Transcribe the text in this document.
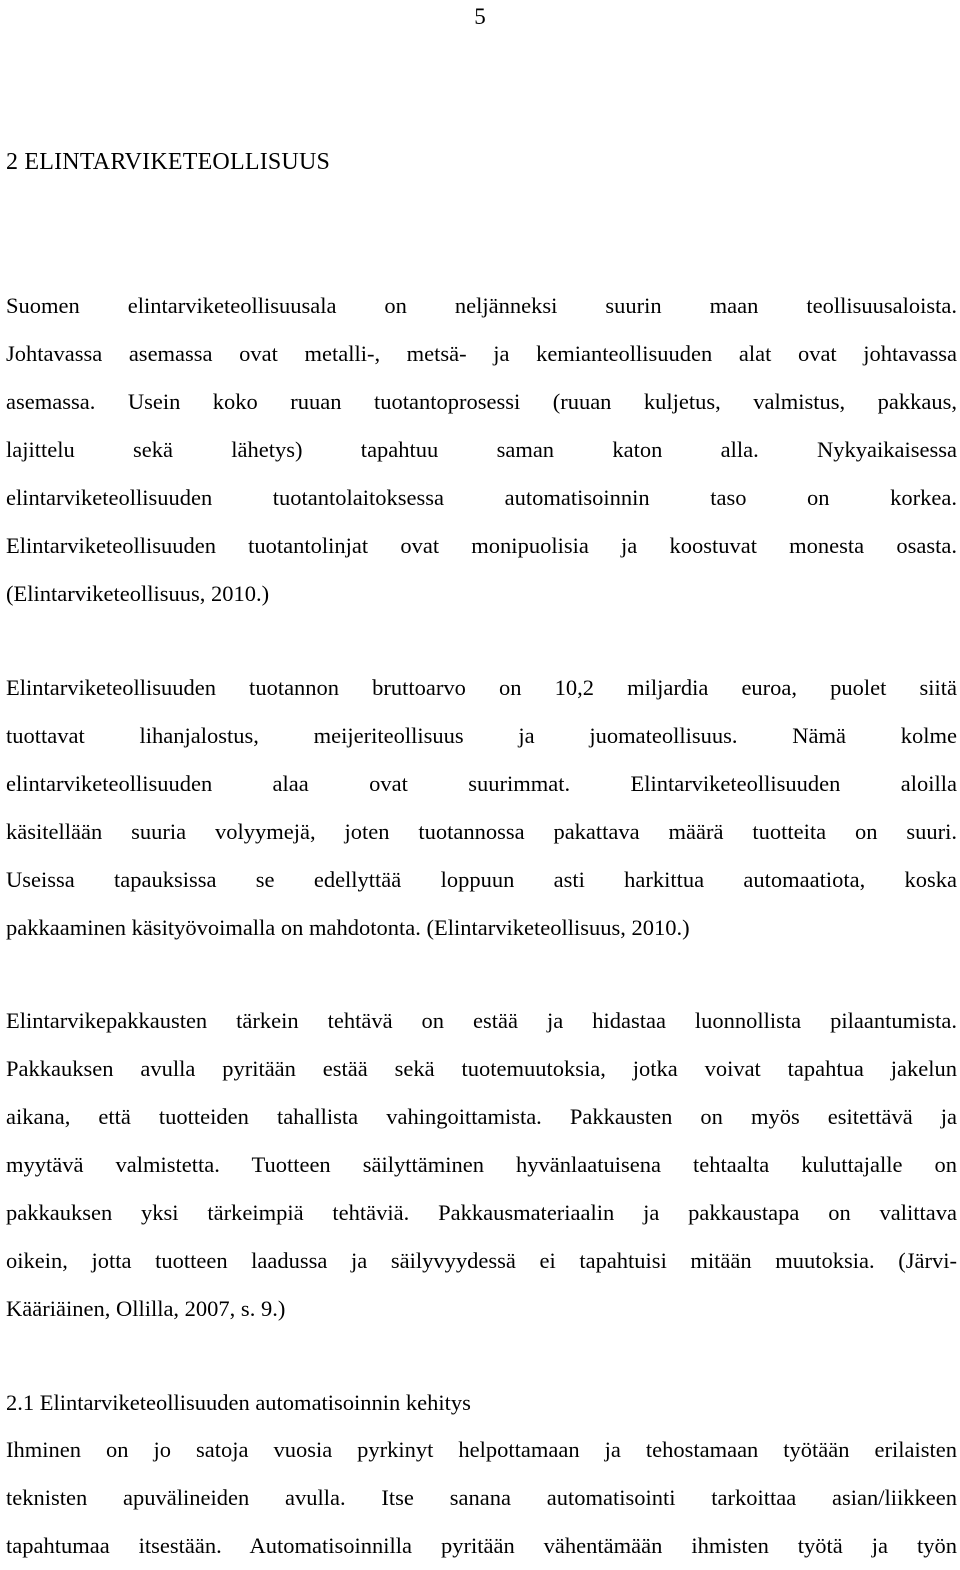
5
2 ELINTARVIKETEOLLISUUS
Suomen elintarviketeollisuusala on neljänneksi suurin maan teollisuusaloista.
Johtavassa asemassa ovat metalli-, metsä- ja kemianteollisuuden alat ovat johtavassa
asemassa. Usein koko ruuan tuotantoprosessi (ruuan kuljetus, valmistus, pakkaus,
lajittelu sekä lähetys) tapahtuu saman katon alla. Nykyaikaisessa
elintarviketeollisuuden tuotantolaitoksessa automatisoinnin taso on korkea.
Elintarviketeollisuuden tuotantolinjat ovat monipuolisia ja koostuvat monesta osasta.
(Elintarviketeollisuus, 2010.)
Elintarviketeollisuuden tuotannon bruttoarvo on 10,2 miljardia euroa, puolet siitä
tuottavat lihanjalostus, meijeriteollisuus ja juomateollisuus. Nämä kolme
elintarviketeollisuuden alaa ovat suurimmat. Elintarviketeollisuuden aloilla
käsitellään suuria volyymejä, joten tuotannossa pakattava määrä tuotteita on suuri.
Useissa tapauksissa se edellyttää loppuun asti harkittua automaatiota, koska
pakkaaminen käsityövoimalla on mahdotonta. (Elintarviketeollisuus, 2010.)
Elintarvikepakkausten tärkein tehtävä on estää ja hidastaa luonnollista pilaantumista.
Pakkauksen avulla pyritään estää sekä tuotemuutoksia, jotka voivat tapahtua jakelun
aikana, että tuotteiden tahallista vahingoittamista. Pakkausten on myös esitettävä ja
myytävä valmistetta. Tuotteen säilyttäminen hyvänlaatuisena tehtaalta kuluttajalle on
pakkauksen yksi tärkeimpiä tehtäviä. Pakkausmateriaalin ja pakkaustapa on valittava
oikein, jotta tuotteen laadussa ja säilyvyydessä ei tapahtuisi mitään muutoksia. (Järvi-
Kääriäinen, Ollilla, 2007, s. 9.)
2.1 Elintarviketeollisuuden automatisoinnin kehitys
Ihminen on jo satoja vuosia pyrkinyt helpottamaan ja tehostamaan työtään erilaisten
teknisten apuvälineiden avulla. Itse sanana automatisointi tarkoittaa asian/liikkeen
tapahtumaa itsestään. Automatisoinnilla pyritään vähentämään ihmisten työtä ja työn
